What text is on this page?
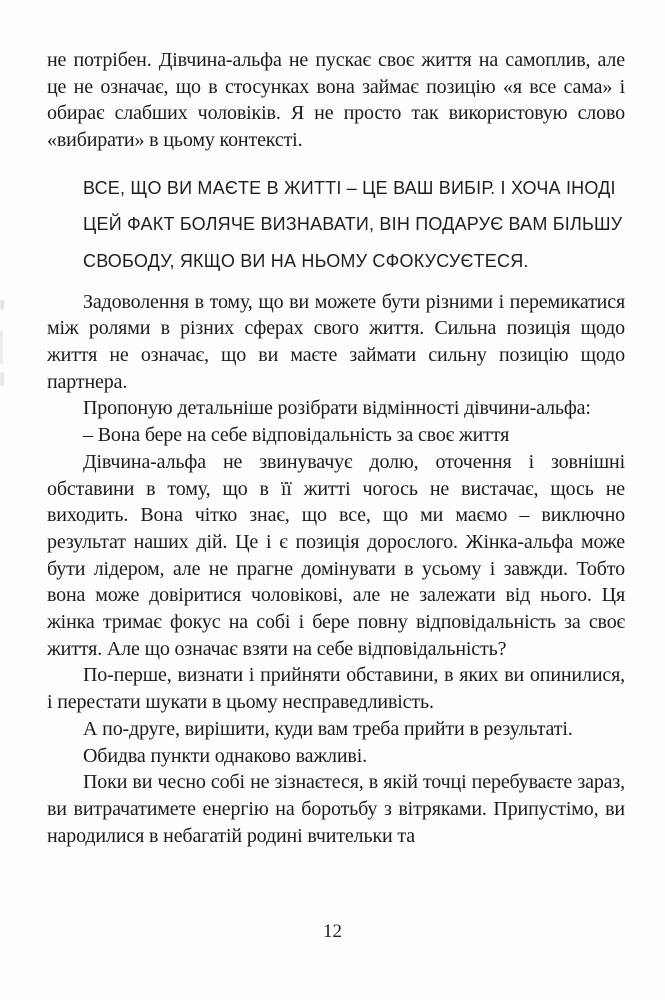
не потрібен. Дівчина-альфа не пускає своє життя на самоплив, але це не означає, що в стосунках вона займає позицію «я все сама» і обирає слабших чоловіків. Я не просто так використовую слово «вибирати» в цьому контексті.

ВСЕ, ЩО ВИ МАЄТЕ В ЖИТТІ – ЦЕ ВАШ ВИБІР. І ХОЧА ІНОДІ ЦЕЙ ФАКТ БОЛЯЧЕ ВИЗНАВАТИ, ВІН ПОДАРУЄ ВАМ БІЛЬШУ СВОБОДУ, ЯКЩО ВИ НА НЬОМУ СФОКУСУЄТЕСЯ.

Задоволення в тому, що ви можете бути різними і перемикатися між ролями в різних сферах свого життя. Сильна позиція щодо життя не означає, що ви маєте займати сильну позицію щодо партнера.

Пропоную детальніше розібрати відмінності дівчини-альфа:

– Вона бере на себе відповідальність за своє життя

Дівчина-альфа не звинувачує долю, оточення і зовнішні обставини в тому, що в її житті чогось не вистачає, щось не виходить. Вона чітко знає, що все, що ми маємо – виключно результат наших дій. Це і є позиція дорослого. Жінка-альфа може бути лідером, але не прагне домінувати в усьому і завжди. Тобто вона може довіритися чоловікові, але не залежати від нього. Ця жінка тримає фокус на собі і бере повну відповідальність за своє життя. Але що означає взяти на себе відповідальність?

По-перше, визнати і прийняти обставини, в яких ви опинилися, і перестати шукати в цьому несправедливість.

А по-друге, вирішити, куди вам треба прийти в результаті.

Обидва пункти однаково важливі.

Поки ви чесно собі не зізнаєтеся, в якій точці перебуваєте зараз, ви витрачатимете енергію на боротьбу з вітряками. Припустімо, ви народилися в небагатій родині вчительки та

12
